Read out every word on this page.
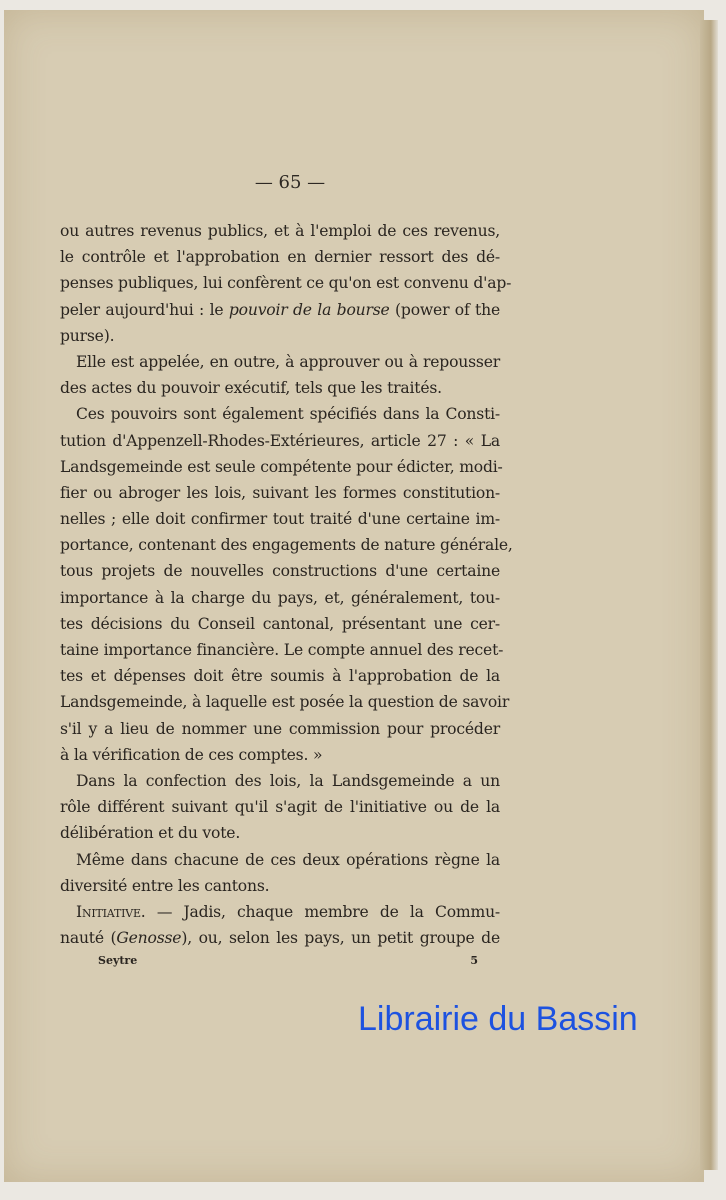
— 65 —
ou autres revenus publics, et à l'emploi de ces revenus,
le contrôle et l'approbation en dernier ressort des dé-
penses publiques, lui confèrent ce qu'on est convenu d'ap-
peler aujourd'hui : le pouvoir de la bourse (power of the
purse).
Elle est appelée, en outre, à approuver ou à repousser
des actes du pouvoir exécutif, tels que les traités.
Ces pouvoirs sont également spécifiés dans la Consti-
tution d'Appenzell-Rhodes-Extérieures, article 27 : « La
Landsgemeinde est seule compétente pour édicter, modi-
fier ou abroger les lois, suivant les formes constitution-
nelles ; elle doit confirmer tout traité d'une certaine im-
portance, contenant des engagements de nature générale,
tous projets de nouvelles constructions d'une certaine
importance à la charge du pays, et, généralement, tou-
tes décisions du Conseil cantonal, présentant une cer-
taine importance financière. Le compte annuel des recet-
tes et dépenses doit être soumis à l'approbation de la
Landsgemeinde, à laquelle est posée la question de savoir
s'il y a lieu de nommer une commission pour procéder
à la vérification de ces comptes. »
Dans la confection des lois, la Landsgemeinde a un
rôle différent suivant qu'il s'agit de l'initiative ou de la
délibération et du vote.
Même dans chacune de ces deux opérations règne la
diversité entre les cantons.
Initiative. — Jadis, chaque membre de la Commu-
nauté (Genosse), ou, selon les pays, un petit groupe de
Seytre	5
Librairie du Bassin
